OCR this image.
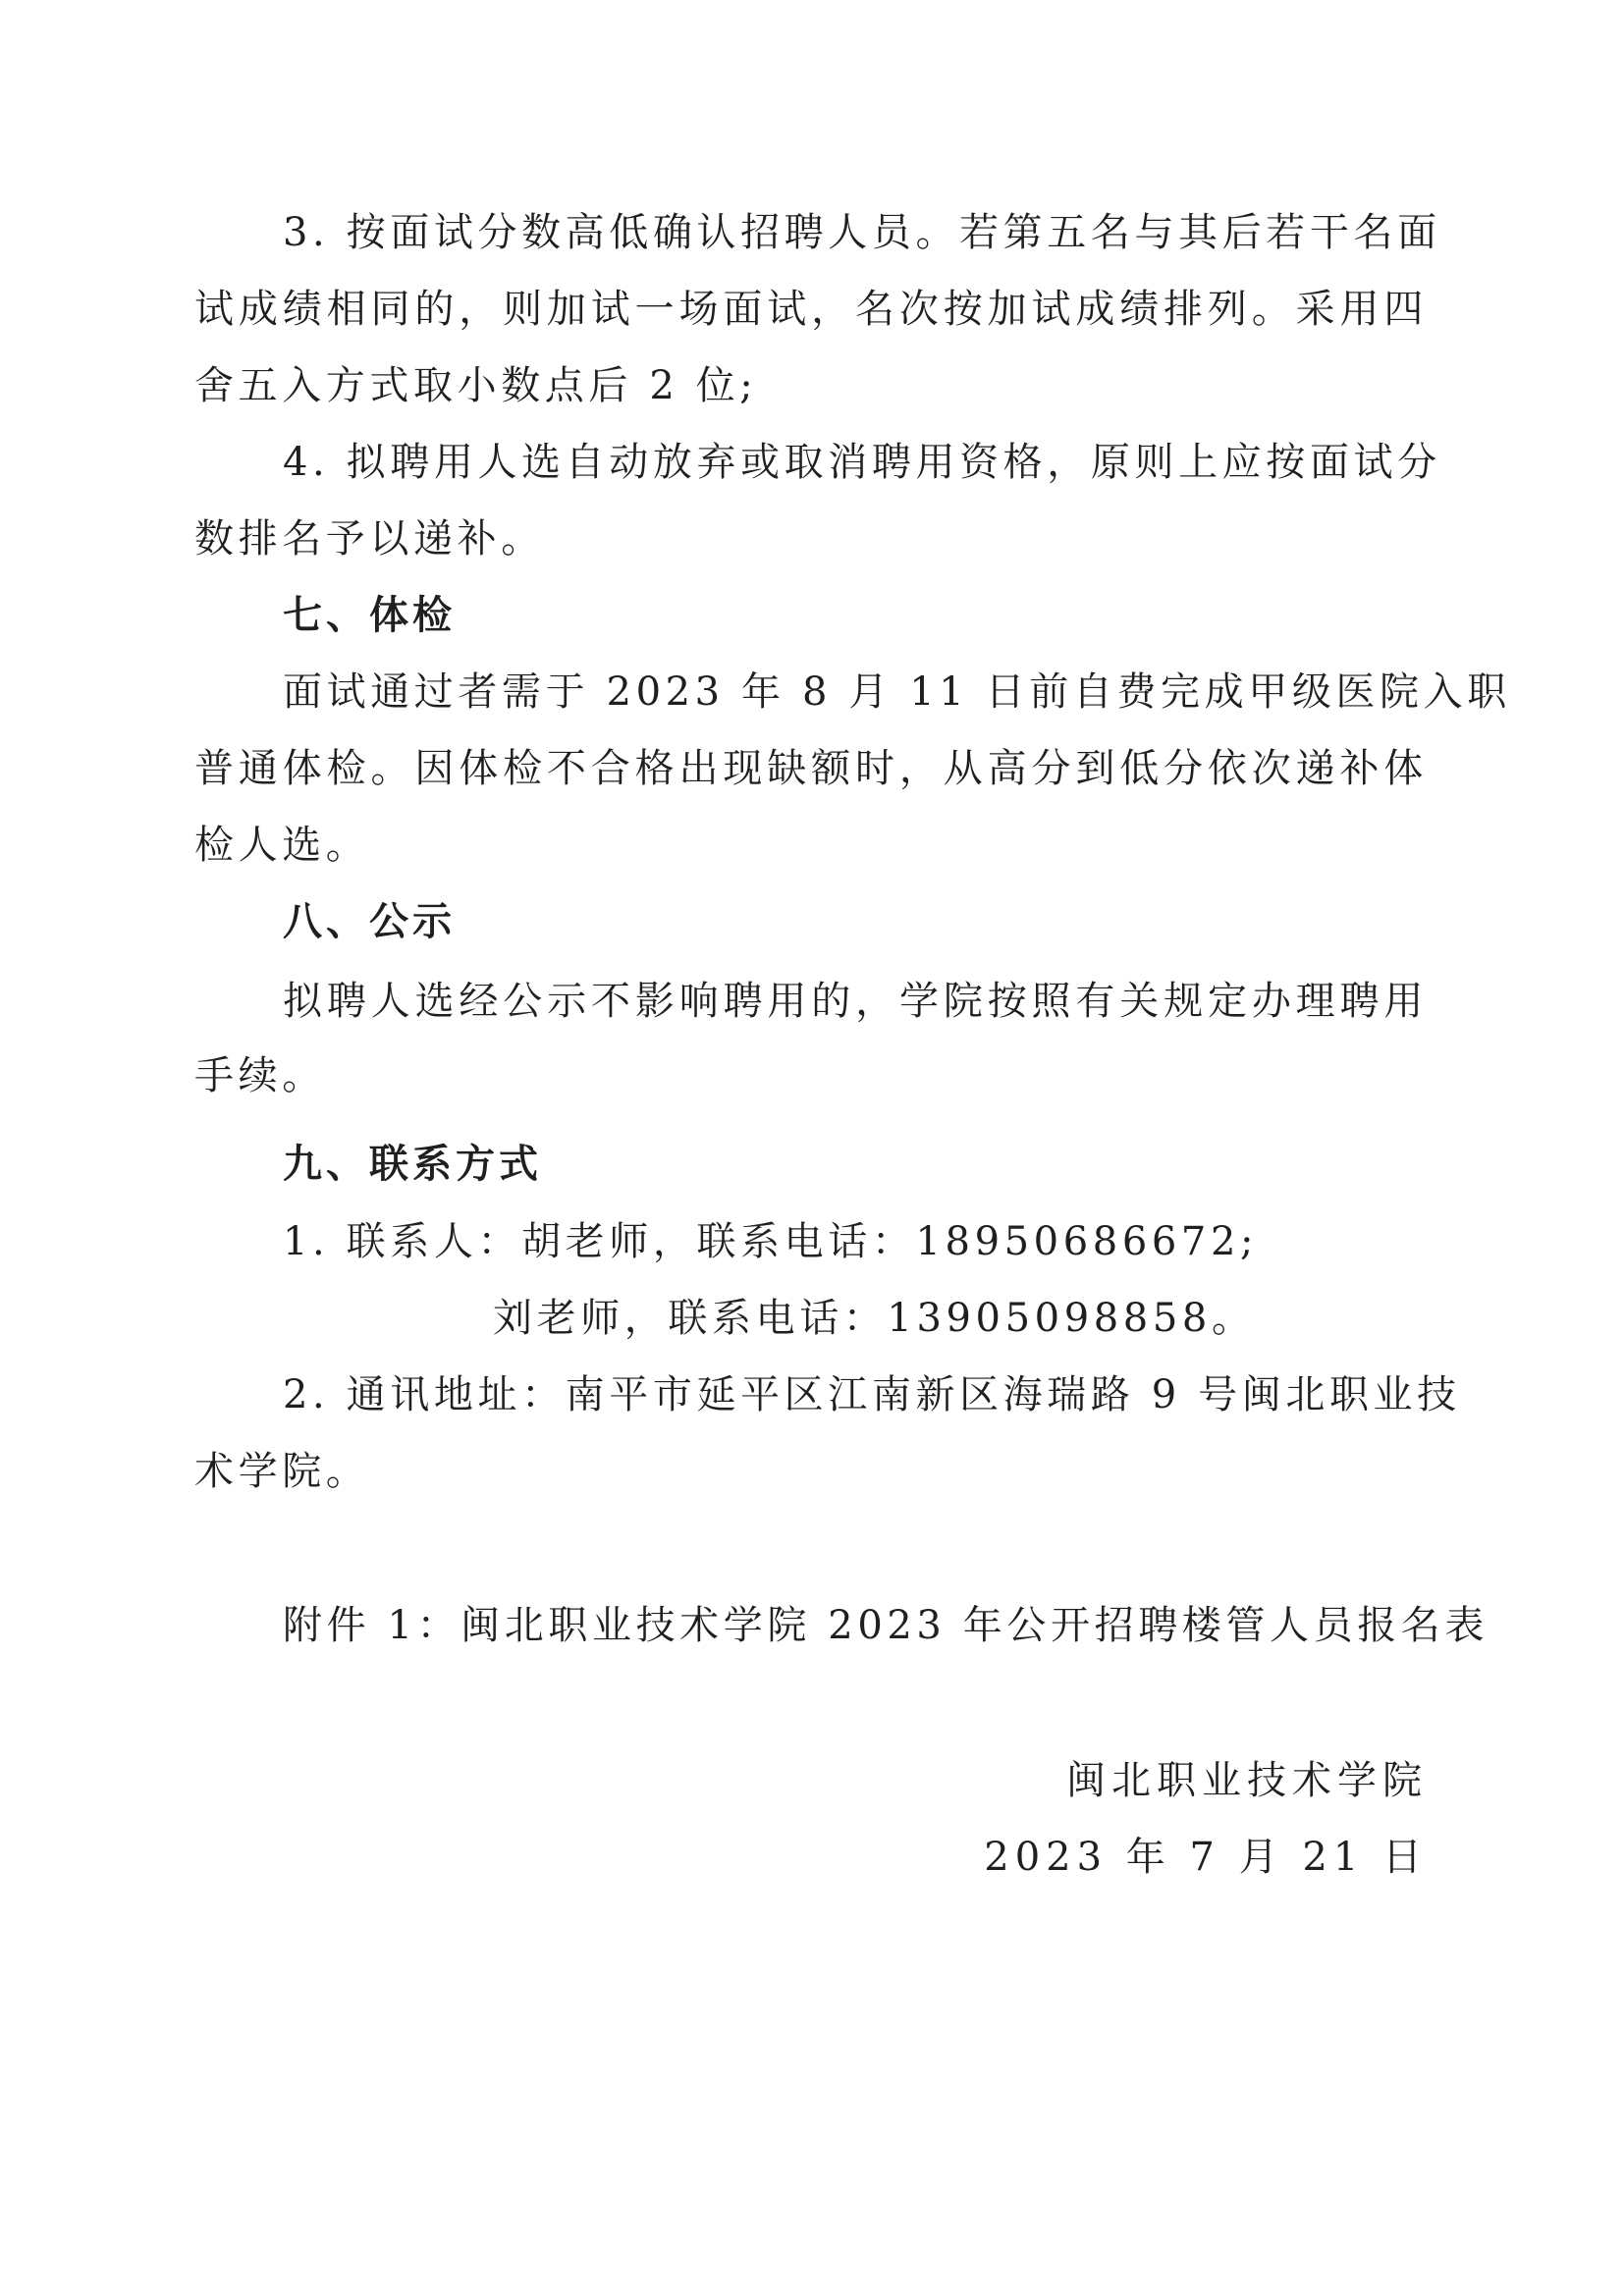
3. 按面试分数高低确认招聘人员。若第五名与其后若干名面
试成绩相同的，则加试一场面试，名次按加试成绩排列。采用四
舍五入方式取小数点后 2 位;
4. 拟聘用人选自动放弃或取消聘用资格，原则上应按面试分
数排名予以递补。
七、体检
面试通过者需于 2023 年 8 月 11 日前自费完成甲级医院入职
普通体检。因体检不合格出现缺额时，从高分到低分依次递补体
检人选。
八、公示
拟聘人选经公示不影响聘用的，学院按照有关规定办理聘用
手续。
九、联系方式
1. 联系人：胡老师，联系电话：18950686672;
刘老师，联系电话：13905098858。
2. 通讯地址：南平市延平区江南新区海瑞路 9 号闽北职业技
术学院。
附件 1：闽北职业技术学院 2023 年公开招聘楼管人员报名表
闽北职业技术学院
2023 年 7 月 21 日
